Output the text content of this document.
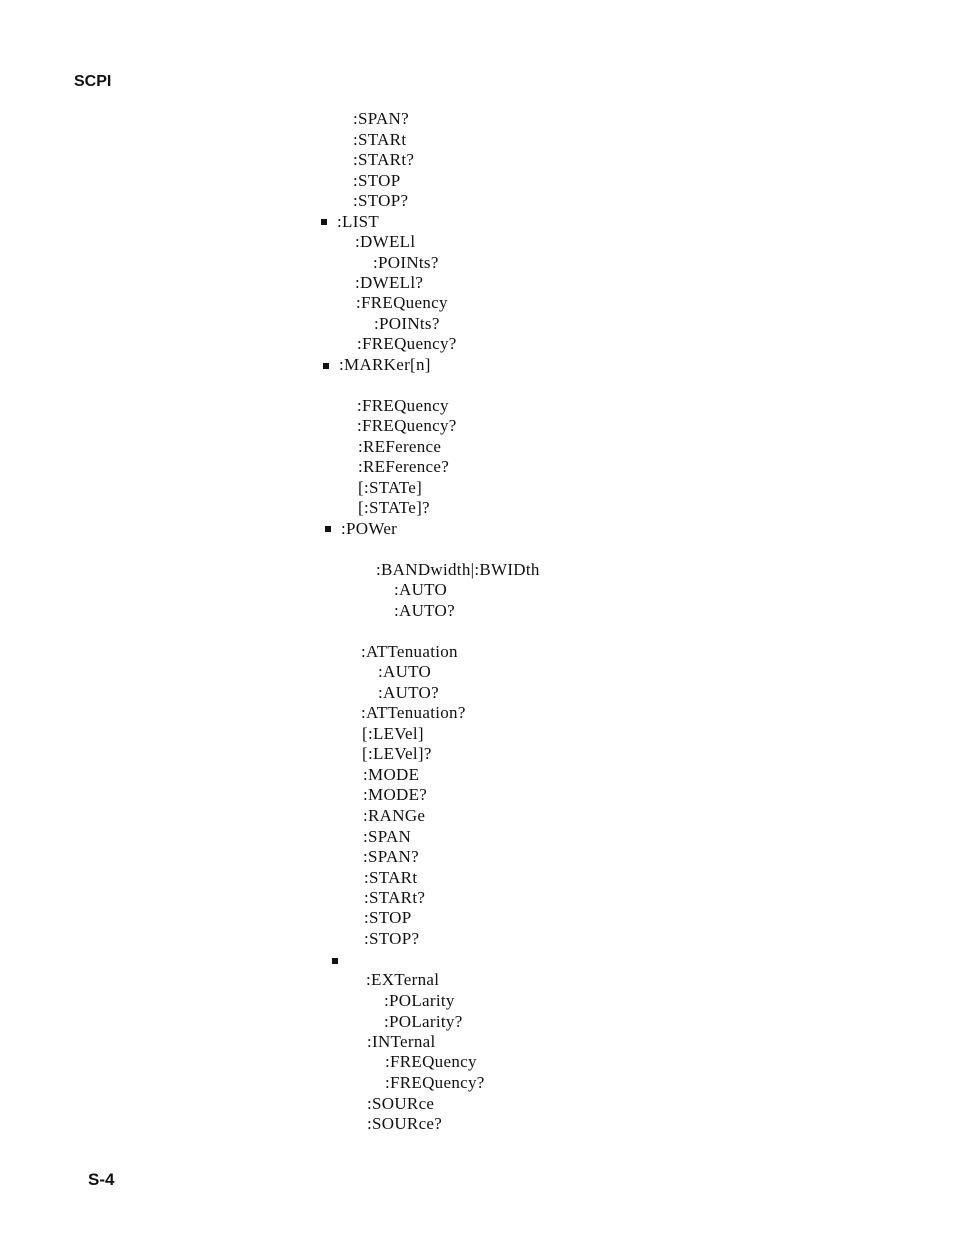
SCPI
:SPAN?
:STARt
:STARt?
:STOP
:STOP?
:LIST
:DWELl
:POINts?
:DWELl?
:FREQuency
:POINts?
:FREQuency?
:MARKer[n]
:FREQuency
:FREQuency?
:REFerence
:REFerence?
[:STATe]
[:STATe]?
:POWer
:BANDwidth|:BWIDth
:AUTO
:AUTO?
:ATTenuation
:AUTO
:AUTO?
:ATTenuation?
[:LEVel]
[:LEVel]?
:MODE
:MODE?
:RANGe
:SPAN
:SPAN?
:STARt
:STARt?
:STOP
:STOP?
:EXTernal
:POLarity
:POLarity?
:INTernal
:FREQuency
:FREQuency?
:SOURce
:SOURce?
S-4
